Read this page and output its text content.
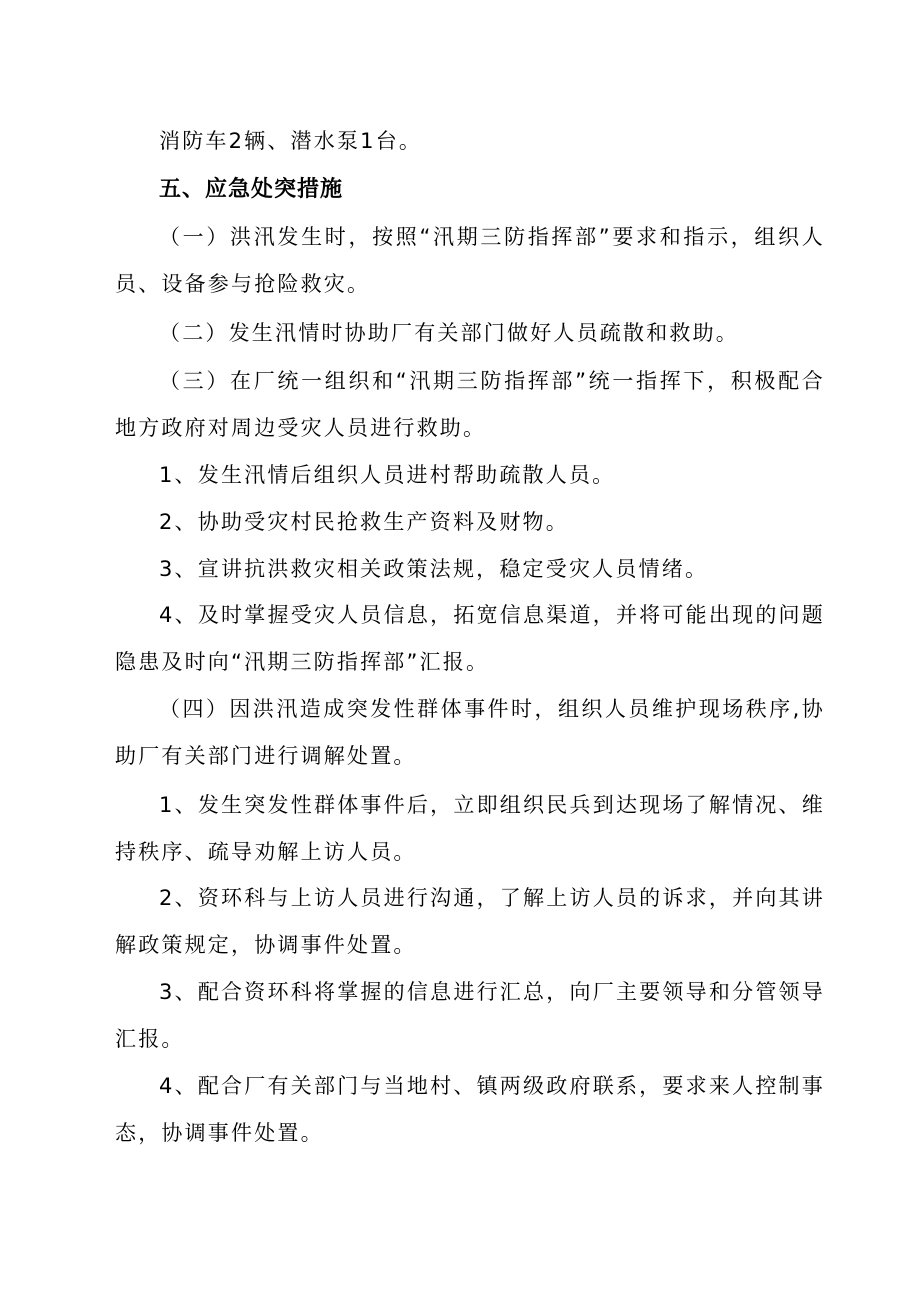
消防车2辆、潜水泵1台。

五、应急处突措施

（一）洪汛发生时，按照“汛期三防指挥部”要求和指示，组织人员、设备参与抢险救灾。

（二）发生汛情时协助厂有关部门做好人员疏散和救助。

（三）在厂统一组织和“汛期三防指挥部”统一指挥下，积极配合地方政府对周边受灾人员进行救助。

1、发生汛情后组织人员进村帮助疏散人员。

2、协助受灾村民抢救生产资料及财物。

3、宣讲抗洪救灾相关政策法规，稳定受灾人员情绪。

4、及时掌握受灾人员信息，拓宽信息渠道，并将可能出现的问题隐患及时向“汛期三防指挥部”汇报。

（四）因洪汛造成突发性群体事件时，组织人员维护现场秩序,协助厂有关部门进行调解处置。

1、发生突发性群体事件后，立即组织民兵到达现场了解情况、维持秩序、疏导劝解上访人员。

2、资环科与上访人员进行沟通，了解上访人员的诉求，并向其讲解政策规定，协调事件处置。

3、配合资环科将掌握的信息进行汇总，向厂主要领导和分管领导汇报。

4、配合厂有关部门与当地村、镇两级政府联系，要求来人控制事态，协调事件处置。
